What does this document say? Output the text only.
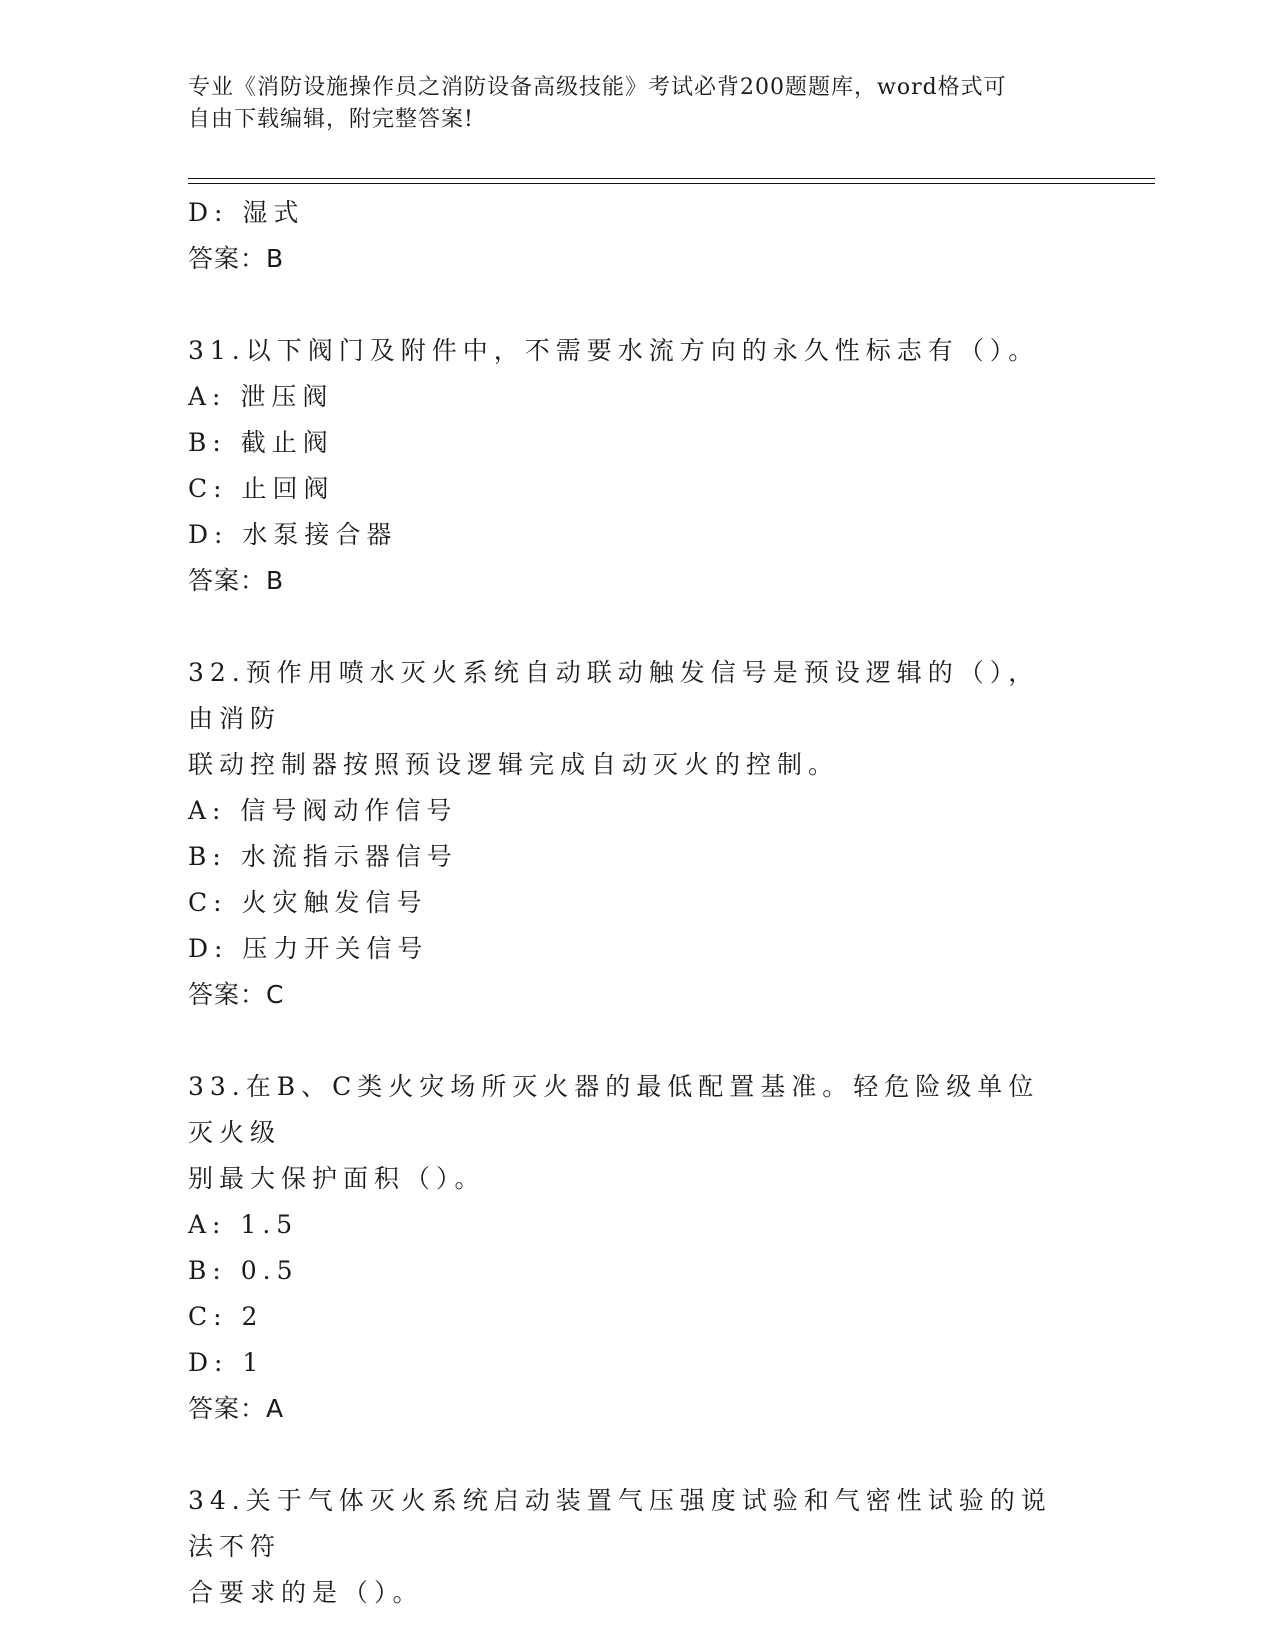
专业《消防设施操作员之消防设备高级技能》考试必背200题题库，word格式可
自由下载编辑，附完整答案!
D: 湿式
答案：B
31.以下阀门及附件中，不需要水流方向的永久性标志有（）。
A: 泄压阀
B: 截止阀
C: 止回阀
D: 水泵接合器
答案：B
32.预作用喷水灭火系统自动联动触发信号是预设逻辑的（），由消防
联动控制器按照预设逻辑完成自动灭火的控制。
A: 信号阀动作信号
B: 水流指示器信号
C: 火灾触发信号
D: 压力开关信号
答案：C
33.在B、C类火灾场所灭火器的最低配置基准。轻危险级单位灭火级
别最大保护面积（）。
A: 1.5
B: 0.5
C: 2
D: 1
答案：A
34.关于气体灭火系统启动装置气压强度试验和气密性试验的说法不符
合要求的是（）。
